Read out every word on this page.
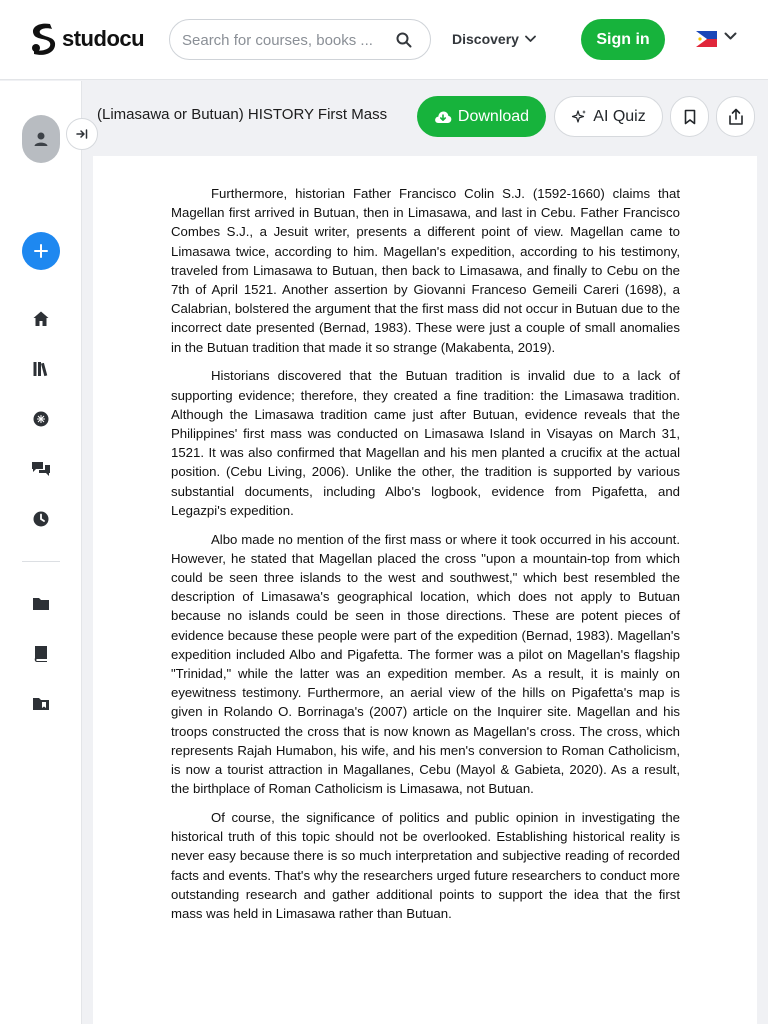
studocu
Search for courses, books ...	Discovery	Sign in
(Limasawa or Butuan) HISTORY First Mass	Download	AI Quiz

Furthermore, historian Father Francisco Colin S.J. (1592-1660) claims that Magellan first arrived in Butuan, then in Limasawa, and last in Cebu. Father Francisco Combes S.J., a Jesuit writer, presents a different point of view. Magellan came to Limasawa twice, according to him. Magellan's expedition, according to his testimony, traveled from Limasawa to Butuan, then back to Limasawa, and finally to Cebu on the 7th of April 1521. Another assertion by Giovanni Franceso Gemeili Careri (1698), a Calabrian, bolstered the argument that the first mass did not occur in Butuan due to the incorrect date presented (Bernad, 1983). These were just a couple of small anomalies in the Butuan tradition that made it so strange (Makabenta, 2019).

Historians discovered that the Butuan tradition is invalid due to a lack of supporting evidence; therefore, they created a fine tradition: the Limasawa tradition. Although the Limasawa tradition came just after Butuan, evidence reveals that the Philippines' first mass was conducted on Limasawa Island in Visayas on March 31, 1521. It was also confirmed that Magellan and his men planted a crucifix at the actual position. (Cebu Living, 2006). Unlike the other, the tradition is supported by various substantial documents, including Albo's logbook, evidence from Pigafetta, and Legazpi's expedition.

Albo made no mention of the first mass or where it took occurred in his account. However, he stated that Magellan placed the cross "upon a mountain-top from which could be seen three islands to the west and southwest," which best resembled the description of Limasawa's geographical location, which does not apply to Butuan because no islands could be seen in those directions. These are potent pieces of evidence because these people were part of the expedition (Bernad, 1983). Magellan's expedition included Albo and Pigafetta. The former was a pilot on Magellan's flagship "Trinidad," while the latter was an expedition member. As a result, it is mainly on eyewitness testimony. Furthermore, an aerial view of the hills on Pigafetta's map is given in Rolando O. Borrinaga's (2007) article on the Inquirer site. Magellan and his troops constructed the cross that is now known as Magellan's cross. The cross, which represents Rajah Humabon, his wife, and his men's conversion to Roman Catholicism, is now a tourist attraction in Magallanes, Cebu (Mayol & Gabieta, 2020). As a result, the birthplace of Roman Catholicism is Limasawa, not Butuan.

Of course, the significance of politics and public opinion in investigating the historical truth of this topic should not be overlooked. Establishing historical reality is never easy because there is so much interpretation and subjective reading of recorded facts and events. That's why the researchers urged future researchers to conduct more outstanding research and gather additional points to support the idea that the first mass was held in Limasawa rather than Butuan.
